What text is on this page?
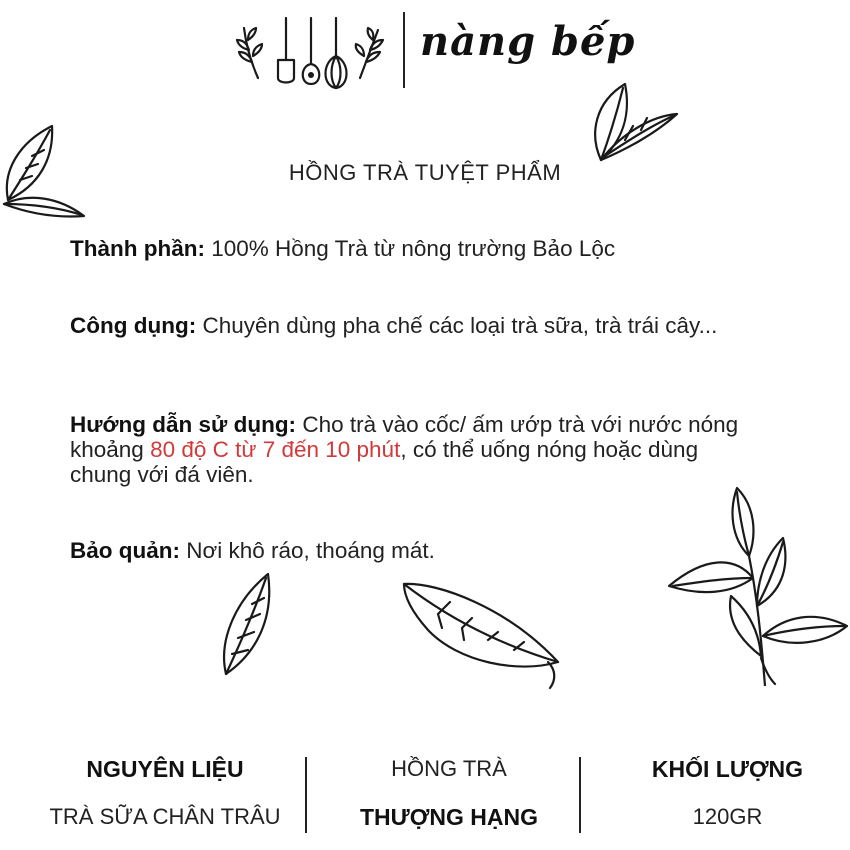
nàng bếp
HỒNG TRÀ TUYỆT PHẨM
Thành phần: 100% Hồng Trà từ nông trường Bảo Lộc
Công dụng: Chuyên dùng pha chế các loại trà sữa, trà trái cây...
Hướng dẫn sử dụng: Cho trà vào cốc/ ấm ướp trà với nước nóng khoảng 80 độ C từ 7 đến 10 phút, có thể uống nóng hoặc dùng chung với đá viên.
Bảo quản: Nơi khô ráo, thoáng mát.
NGUYÊN LIỆU
TRÀ SỮA CHÂN TRÂU
HỒNG TRÀ
THƯỢNG HẠNG
KHỐI LƯỢNG
120GR
